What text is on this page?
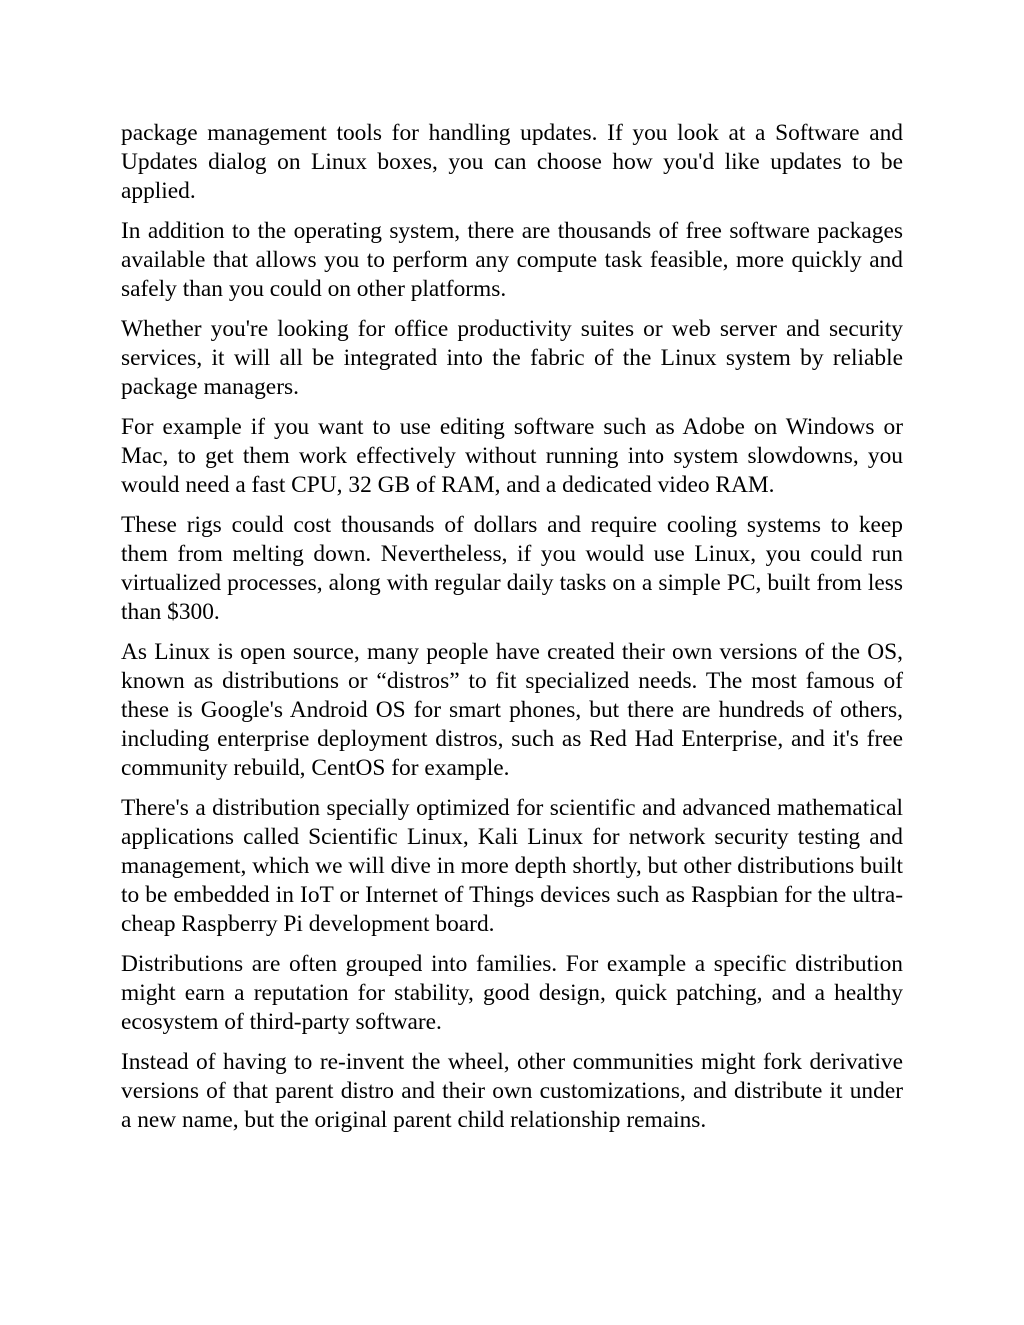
package management tools for handling updates. If you look at a Software and Updates dialog on Linux boxes, you can choose how you'd like updates to be applied.

In addition to the operating system, there are thousands of free software packages available that allows you to perform any compute task feasible, more quickly and safely than you could on other platforms.

Whether you're looking for office productivity suites or web server and security services, it will all be integrated into the fabric of the Linux system by reliable package managers.

For example if you want to use editing software such as Adobe on Windows or Mac, to get them work effectively without running into system slowdowns, you would need a fast CPU, 32 GB of RAM, and a dedicated video RAM.

These rigs could cost thousands of dollars and require cooling systems to keep them from melting down. Nevertheless, if you would use Linux, you could run virtualized processes, along with regular daily tasks on a simple PC, built from less than $300.

As Linux is open source, many people have created their own versions of the OS, known as distributions or “distros” to fit specialized needs. The most famous of these is Google's Android OS for smart phones, but there are hundreds of others, including enterprise deployment distros, such as Red Had Enterprise, and it's free community rebuild, CentOS for example.

There's a distribution specially optimized for scientific and advanced mathematical applications called Scientific Linux, Kali Linux for network security testing and management, which we will dive in more depth shortly, but other distributions built to be embedded in IoT or Internet of Things devices such as Raspbian for the ultra-cheap Raspberry Pi development board.

Distributions are often grouped into families. For example a specific distribution might earn a reputation for stability, good design, quick patching, and a healthy ecosystem of third-party software.

Instead of having to re-invent the wheel, other communities might fork derivative versions of that parent distro and their own customizations, and distribute it under a new name, but the original parent child relationship remains.
